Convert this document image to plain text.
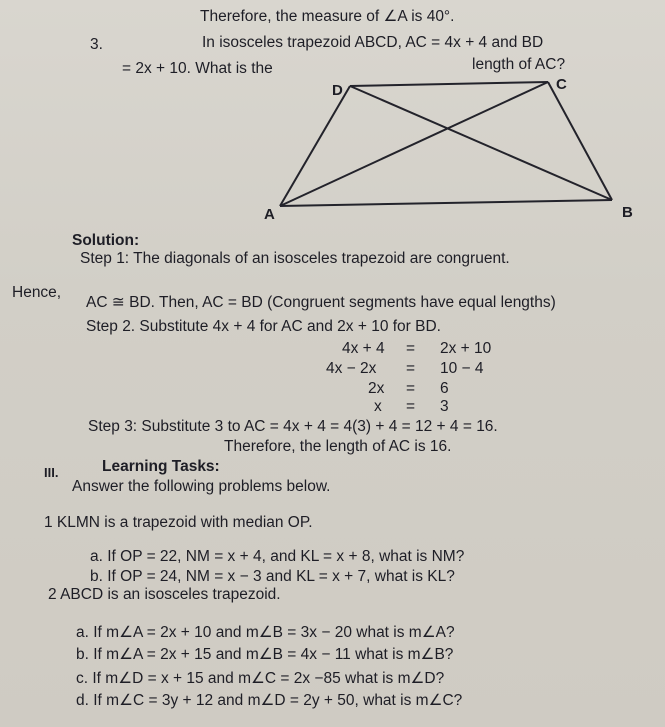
Therefore, the measure of ∠A is 40°.
3.	In isosceles trapezoid ABCD, AC = 4x + 4 and BD
= 2x + 10. What is the	length of AC?
D	C
A	B
Solution:
Step 1: The diagonals of an isosceles trapezoid are congruent.
Hence,
AC ≅ BD. Then, AC = BD (Congruent segments have equal lengths)
Step 2. Substitute 4x + 4 for AC and 2x + 10 for BD.
4x + 4 = 2x + 10
4x − 2x = 10 − 4
2x = 6
x = 3
Step 3: Substitute 3 to AC = 4x + 4 = 4(3) + 4 = 12 + 4 = 16.
Therefore, the length of AC is 16.
III.	Learning Tasks:
Answer the following problems below.
1 KLMN is a trapezoid with median OP.
a. If OP = 22, NM = x + 4, and KL = x + 8, what is NM?
b. If OP = 24, NM = x − 3 and KL = x + 7, what is KL?
2 ABCD is an isosceles trapezoid.
a. If m∠A = 2x + 10 and m∠B = 3x − 20 what is m∠A?
b. If m∠A = 2x + 15 and m∠B = 4x − 11 what is m∠B?
c. If m∠D = x + 15 and m∠C = 2x −85 what is m∠D?
d. If m∠C = 3y + 12 and m∠D = 2y + 50, what is m∠C?
